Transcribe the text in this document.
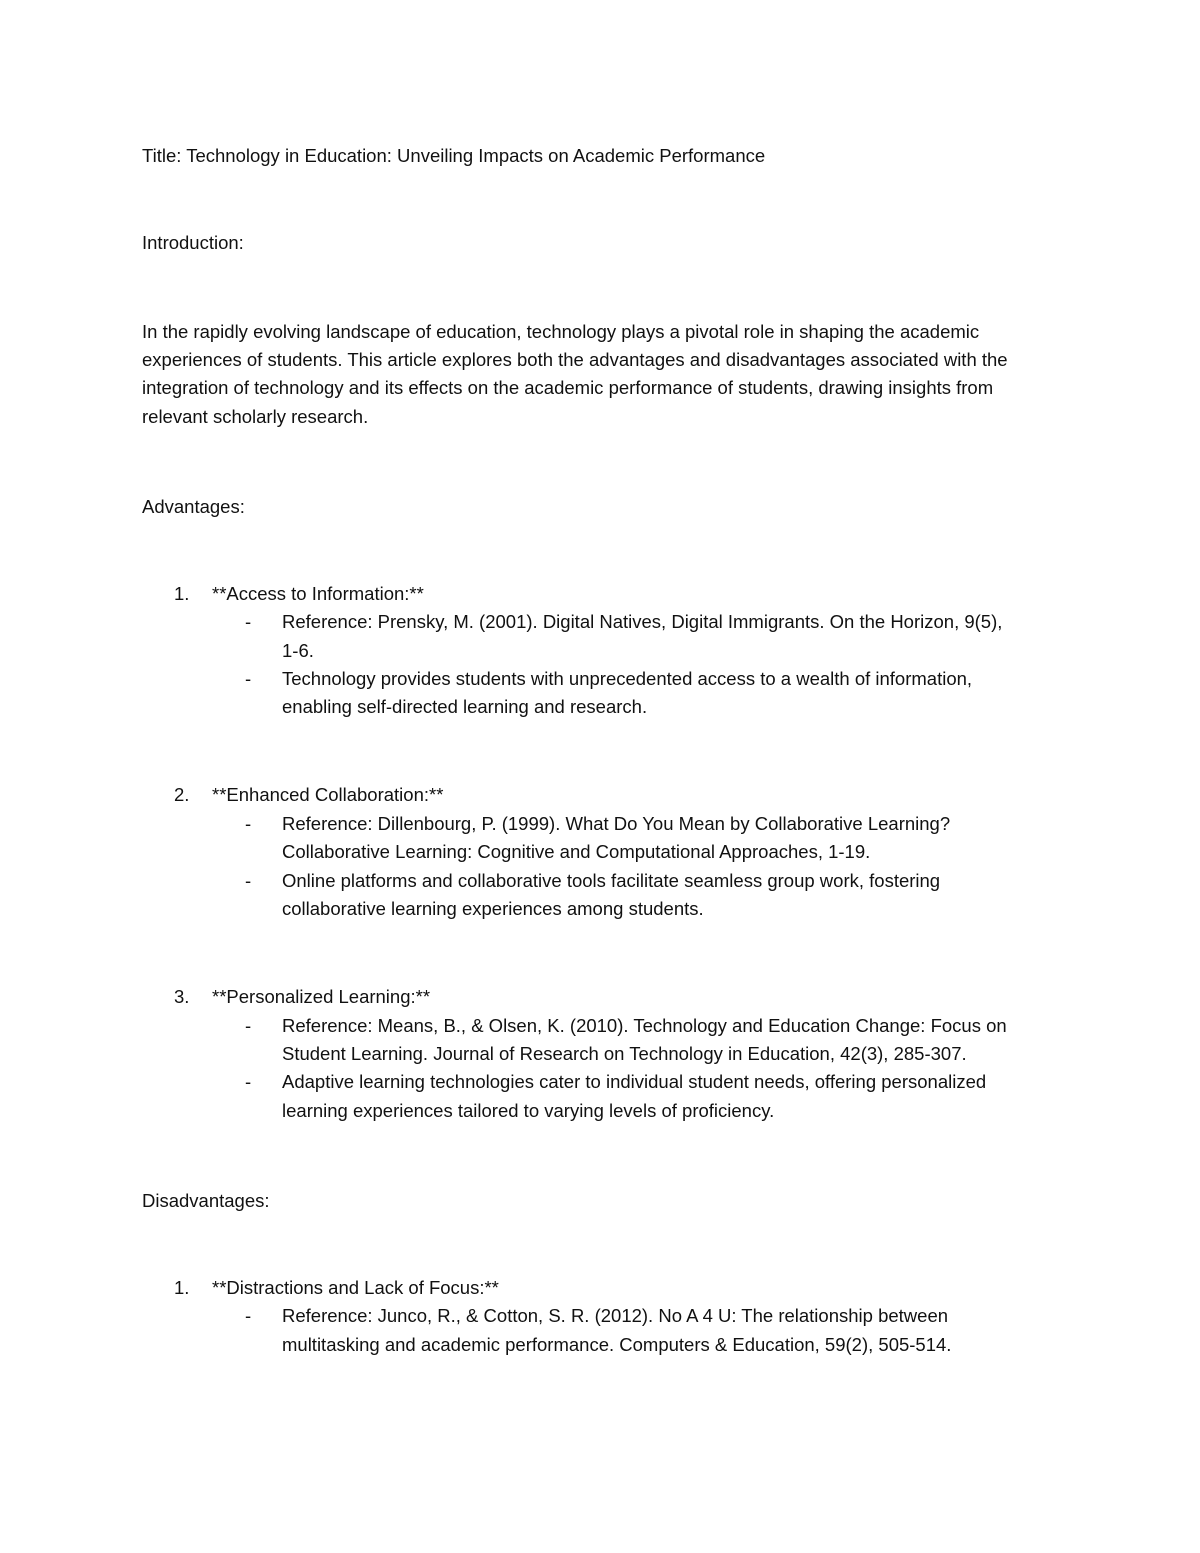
Title: Technology in Education: Unveiling Impacts on Academic Performance
Introduction:
In the rapidly evolving landscape of education, technology plays a pivotal role in shaping the academic
experiences of students. This article explores both the advantages and disadvantages associated with the
integration of technology and its effects on the academic performance of students, drawing insights from
relevant scholarly research.
Advantages:
1. **Access to Information:**
- Reference: Prensky, M. (2001). Digital Natives, Digital Immigrants. On the Horizon, 9(5),
1-6.
- Technology provides students with unprecedented access to a wealth of information,
enabling self-directed learning and research.
2. **Enhanced Collaboration:**
- Reference: Dillenbourg, P. (1999). What Do You Mean by Collaborative Learning?
Collaborative Learning: Cognitive and Computational Approaches, 1-19.
- Online platforms and collaborative tools facilitate seamless group work, fostering
collaborative learning experiences among students.
3. **Personalized Learning:**
- Reference: Means, B., & Olsen, K. (2010). Technology and Education Change: Focus on
Student Learning. Journal of Research on Technology in Education, 42(3), 285-307.
- Adaptive learning technologies cater to individual student needs, offering personalized
learning experiences tailored to varying levels of proficiency.
Disadvantages:
1. **Distractions and Lack of Focus:**
- Reference: Junco, R., & Cotton, S. R. (2012). No A 4 U: The relationship between
multitasking and academic performance. Computers & Education, 59(2), 505-514.
